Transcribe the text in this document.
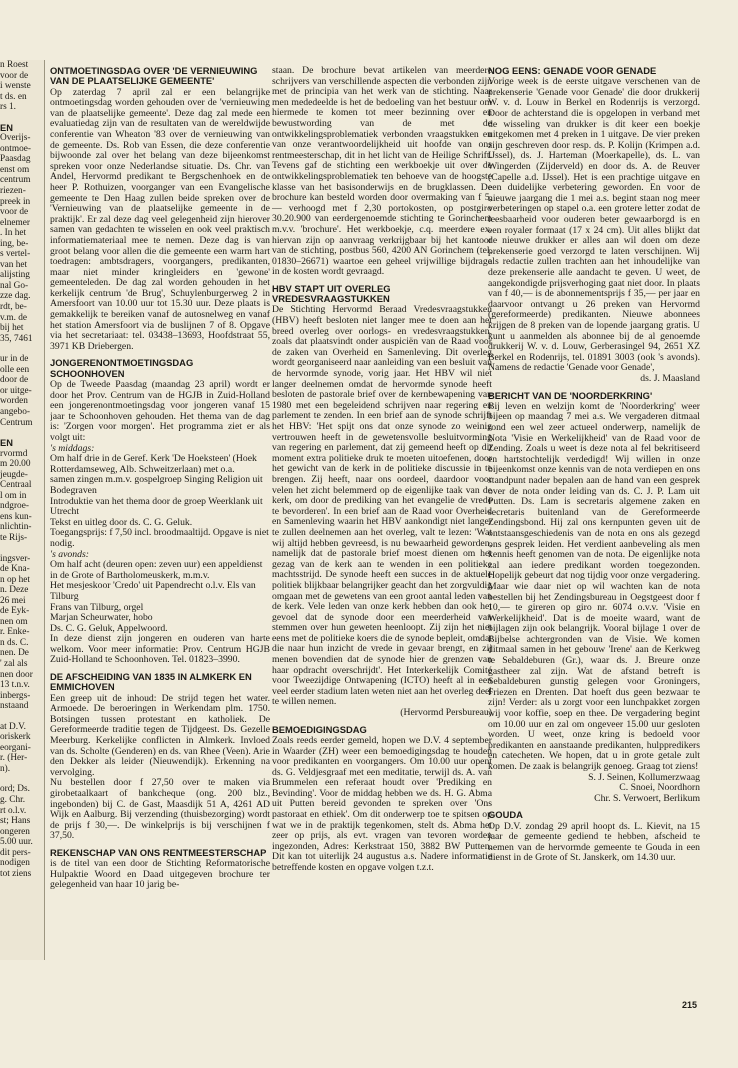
n Roest
voor de
i wenste
t ds. en
rs 1.
EN
Overijs-
ontmoe-
Paasdag
enst om
centrum
riezen-
preek in
voor de
elnemer
. In het
ing, be-
s vertel-
van het
alijsting
nal Go-
zze dag.
rdt, be-
v.m. de
bij het
35, 7461
ur in de
olle een
door de
or uitge-
worden
angebo-
Centrum
EN
rvormd
m 20.00
jeugde-
Centraal
l om in
ndgroe-
ens kun-
nlichtin-
te Rijs-
ingsver-
de Kna-
n op het
n. Deze
26 mei
de Eyk-
nen om
r. Enke-
n ds. C.
nen. De
' zal als
nen door
13 t.n.v.
inbergs-
nstaand
at D.V.
oriskerk
eorgani-
r. (Her-
n).
ord; Ds.
g. Chr.
rt o.l.v.
st; Hans
ongeren
5.00 uur.
dit pers-
nodigen
tot ziens
ONTMOETINGSDAG OVER 'DE VERNIEUWING VAN DE PLAATSELIJKE GEMEENTE'

Op zaterdag 7 april zal er een belangrijke ontmoetingsdag worden gehouden over de 'vernieuwing van de plaatselijke gemeente'. Deze dag zal mede een evaluatiedag zijn van de resultaten van de wereldwijde conferentie van Wheaton '83 over de vernieuwing van de gemeente. Ds. Rob van Essen, die deze conferentie bijwoonde zal over het belang van deze bijeenkomst spreken voor onze Nederlandse situatie. Ds. Chr. van Andel, Hervormd predikant te Bergschenhoek en de heer P. Rothuizen, voorganger van een Evangelische gemeente te Den Haag zullen beide spreken over de 'Vernieuwing van de plaatselijke gemeente in de praktijk'. Er zal deze dag veel gelegenheid zijn hierover samen van gedachten te wisselen en ook veel praktisch informatiemateriaal mee te nemen. Deze dag is van groot belang voor allen die die gemeente een warm hart toedragen: ambtsdragers, voorgangers, predikanten, maar niet minder kringleiders en 'gewone' gemeenteleden. De dag zal worden gehouden in het kerkelijk centrum 'de Brug', Schuylenburgerweg 2 in Amersfoort van 10.00 uur tot 15.30 uur. Deze plaats is gemakkelijk te bereiken vanaf de autosnelweg en vanaf het station Amersfoort via de buslijnen 7 of 8. Opgave via het secretariaat: tel. 03438–13693, Hoofdstraat 55, 3971 KB Driebergen.

JONGERENONTMOETINGSDAG SCHOONHOVEN

Op de Tweede Paasdag (maandag 23 april) wordt er door het Prov. Centrum van de HGJB in Zuid-Holland een jongerenontmoetingsdag voor jongeren vanaf 15 jaar te Schoonhoven gehouden. Het thema van de dag is: 'Zorgen voor morgen'. Het programma ziet er als volgt uit:

's middags:

Om half drie in de Geref. Kerk 'De Hoeksteen' (Hoek Rotterdamseweg, Alb. Schweitzerlaan) met o.a.

samen zingen m.m.v. gospelgroep Singing Religion uit Bodegraven

Introduktie van het thema door de groep Weerklank uit Utrecht

Tekst en uitleg door ds. C. G. Geluk.

Toegangsprijs: f 7,50 incl. broodmaaltijd. Opgave is niet nodig.

's avonds:

Om half acht (deuren open: zeven uur) een appeldienst in de Grote of Bartholomeuskerk, m.m.v.

Het mesjeskoor 'Credo' uit Papendrecht o.l.v. Els van Tilburg

Frans van Tilburg, orgel

Marjan Scheurwater, hobo

Ds. C. G. Geluk, Appelwoord.

In deze dienst zijn jongeren en ouderen van harte welkom. Voor meer informatie: Prov. Centrum HGJB Zuid-Holland te Schoonhoven. Tel. 01823–3990.

DE AFSCHEIDING VAN 1835 IN ALMKERK EN EMMICHOVEN

Een greep uit de inhoud: De strijd tegen het water. Armoede. De beroeringen in Werkendam plm. 1750. Botsingen tussen protestant en katholiek. De Gereformeerde traditie tegen de Tijdgeest. Ds. Gezelle Meerburg. Kerkelijke conflicten in Almkerk. Invloed van ds. Scholte (Genderen) en ds. van Rhee (Veen). Arie den Dekker als leider (Nieuwendijk). Erkenning na vervolging.

Nu bestellen door f 27,50 over te maken via girobetaalkaart of bankcheque (ong. 200 blz., ingebonden) bij C. de Gast, Maasdijk 51 A, 4261 AD Wijk en Aalburg. Bij verzending (thuisbezorging) wordt de prijs f 30,—. De winkelprijs is bij verschijnen f 37,50.

REKENSCHAP VAN ONS RENTMEESTERSCHAP

is de titel van een door de Stichting Reformatorische Hulpaktie Woord en Daad uitgegeven brochure ter gelegenheid van haar 10 jarig be-

staan. De brochure bevat artikelen van meerdere schrijvers van verschillende aspecten die verbonden zijn met de principia van het werk van de stichting. Naar men mededeelde is het de bedoeling van het bestuur om hiermede te komen tot meer bezinning over en bewustwording van de met de ontwikkelingsproblematiek verbonden vraagstukken en van onze verantwoordelijkheid uit hoofde van ons rentmeesterschap, dit in het licht van de Heilige Schrift. Tevens gaf de stichting een werkboekje uit over de ontwikkelingsproblematiek ten behoeve van de hoogste klasse van het basisonderwijs en de brugklassen. De brochure kan besteld worden door overmaking van f 5,— verhoogd met f 2,30 portokosten, op postgiro 30.20.900 van eerdergenoemde stichting te Gorinchem m.v.v. 'brochure'. Het werkboekje, c.q. meerdere ex. hiervan zijn op aanvraag verkrijgbaar bij het kantoor van de stichting, postbus 560, 4200 AN Gorinchem (tel. 01830–26671) waartoe een geheel vrijwillige bijdrage in de kosten wordt gevraagd.

HBV STAPT UIT OVERLEG VREDESVRAAGSTUKKEN

De Stichting Hervormd Beraad Vredesvraagstukken (HBV) heeft besloten niet langer mee te doen aan het breed overleg over oorlogs- en vredesvraagstukken, zoals dat plaatsvindt onder auspiciën van de Raad voor de zaken van Overheid en Samenleving. Dit overleg wordt georganiseerd naar aanleiding van een besluit van de hervormde synode, vorig jaar. Het HBV wil niet langer deelnemen omdat de hervormde synode heeft besloten de pastorale brief over de kernbewapening van 1980 met een begeleidend schrijven naar regering en parlement te zenden. In een brief aan de synode schrijft het HBV: 'Het spijt ons dat onze synode zo weinig vertrouwen heeft in de gewetensvolle besluitvorming van regering en parlement, dat zij gemeend heeft op dit moment extra politieke druk te moeten uitoefenen, door het gewicht van de kerk in de politieke discussie in te brengen. Zij heeft, naar ons oordeel, daardoor voor velen het zicht belemmerd op de eigenlijke taak van de kerk, om door de prediking van het evangelie de vrede te bevorderen'. In een brief aan de Raad voor Overheid en Samenleving waarin het HBV aankondigt niet langer te zullen deelnemen aan het overleg, valt te lezen: 'Wat wij altijd hebben gevreesd, is nu bewaarheid geworden, namelijk dat de pastorale brief moest dienen om het gezag van de kerk aan te wenden in een politieke machtsstrijd. De synode heeft een succes in de aktuele politiek blijkbaar belangrijker geacht dan het zorgvuldig omgaan met de gewetens van een groot aantal leden van de kerk. Vele leden van onze kerk hebben dan ook het gevoel dat de synode door een meerderheid van stemmen over hun geweten heenloopt. Zij zijn het niet eens met de politieke koers die de synode bepleit, omdat die naar hun inzicht de vrede in gevaar brengt, en zij menen bovendien dat de synode hier de grenzen van haar opdracht overschrijdt'. Het Interkerkelijk Comité voor Tweezijdige Ontwapening (ICTO) heeft al in een veel eerder stadium laten weten niet aan het overleg deel te willen nemen.

(Hervormd Persbureau)

BEMOEDIGINGSDAG

Zoals reeds eerder gemeld, hopen we D.V. 4 september in Waarder (ZH) weer een bemoedigingsdag te houden voor predikanten en voorgangers. Om 10.00 uur opent ds. G. Veldjesgraaf met een meditatie, terwijl ds. A. van Brummelen een referaat houdt over 'Prediking en Bevinding'. Voor de middag hebben we ds. H. G. Abma uit Putten bereid gevonden te spreken over 'Ons pastoraat en ethiek'. Om dit onderwerp toe te spitsen op wat we in de praktijk tegenkomen, stelt ds. Abma het zeer op prijs, als evt. vragen van tevoren worden ingezonden, Adres: Kerkstraat 150, 3882 BW Putten. Dit kan tot uiterlijk 24 augustus a.s. Nadere informatie betreffende kosten en opgave volgen t.z.t.

NOG EENS: GENADE VOOR GENADE

Vorige week is de eerste uitgave verschenen van de prekenserie 'Genade voor Genade' die door drukkerij W. v. d. Louw in Berkel en Rodenrijs is verzorgd. Door de achterstand die is opgelopen in verband met de wisseling van drukker is dit keer een boekje uitgekomen met 4 preken in 1 uitgave. De vier preken zijn geschreven door resp. ds. P. Kolijn (Krimpen a.d. IJssel), ds. J. Harteman (Moerkapelle), ds. L. van Wingerden (Zijderveld) en door ds. A. de Reuver (Capelle a.d. IJssel). Het is een prachtige uitgave en een duidelijke verbetering geworden. En voor de nieuwe jaargang die 1 mei a.s. begint staan nog meer verbeteringen op stapel o.a. een grotere letter zodat de leesbaarheid voor ouderen beter gewaarborgd is en een royaler formaat (17 x 24 cm). Uit alles blijkt dat de nieuwe drukker er alles aan wil doen om deze prekenserie goed verzorgd te laten verschijnen. Wij als redactie zullen trachten aan het inhoudelijke van deze prekenserie alle aandacht te geven. U weet, de aangekondigde prijsverhoging gaat niet door. In plaats van f 40,— is de abonnementsprijs f 35,— per jaar en daarvoor ontvangt u 26 preken van Hervormd (gereformeerde) predikanten. Nieuwe abonnees krijgen de 8 preken van de lopende jaargang gratis. U kunt u aanmelden als abonnee bij de al genoemde drukkerij W. v. d. Louw, Gerberasingel 94, 2651 XZ Berkel en Rodenrijs, tel. 01891 3003 (ook 's avonds). Namens de redactie 'Genade voor Genade',

ds. J. Maasland

BERICHT VAN DE 'NOORDERKRING'

Bij leven en welzijn komt de 'Noorderkring' weer bijeen op maandag 7 mei a.s. We vergaderen ditmaal rond een wel zeer actueel onderwerp, namelijk de Nota 'Visie en Werkelijkheid' van de Raad voor de Zending. Zoals u weet is deze nota al fel bekritiseerd en hartstochtelijk verdedigd! Wij willen in onze bijeenkomst onze kennis van de nota verdiepen en ons standpunt nader bepalen aan de hand van een gesprek over de nota onder leiding van ds. C. J. P. Lam uit Putten. Ds. Lam is secretaris algemene zaken en secretaris buitenland van de Gereformeerde Zendingsbond. Hij zal ons kernpunten geven uit de ontstaansgeschiedenis van de nota en ons als gezegd ons gesprek leiden. Het verdient aanbeveling als men kennis heeft genomen van de nota. De eigenlijke nota zal aan iedere predikant worden toegezonden. Hopelijk gebeurt dat nog tijdig voor onze vergadering. Maar wie daar niet op wil wachten kan de nota bestellen bij het Zendingsbureau in Oegstgeest door f 10,— te gireren op giro nr. 6074 o.v.v. 'Visie en Werkelijkheid'. Dat is de moeite waard, want de bijlagen zijn ook belangrijk. Vooral bijlage 1 over de Bijbelse achtergronden van de Visie. We komen ditmaal samen in het gebouw 'Irene' aan de Kerkweg te Sebaldeburen (Gr.), waar ds. J. Breure onze gastheer zal zijn. Wat de afstand betreft is Sebaldeburen gunstig gelegen voor Groningers, Friezen en Drenten. Dat hoeft dus geen bezwaar te zijn! Verder: als u zorgt voor een lunchpakket zorgen wij voor koffie, soep en thee. De vergadering begint om 10.00 uur en zal om ongeveer 15.00 uur gesloten worden. U weet, onze kring is bedoeld voor predikanten en aanstaande predikanten, hulppredikers en catecheten. We hopen, dat u in grote getale zult komen. De zaak is belangrijk genoeg. Graag tot ziens!

S. J. Seinen, Kollumerzwaag
C. Snoei, Noordhorn
Chr. S. Verwoert, Berlikum
GOUDA

Op D.V. zondag 29 april hoopt ds. L. Kievit, na 15 jaar de gemeente gediend te hebben, afscheid te nemen van de hervormde gemeente te Gouda in een dienst in de Grote of St. Janskerk, om 14.30 uur.

215
